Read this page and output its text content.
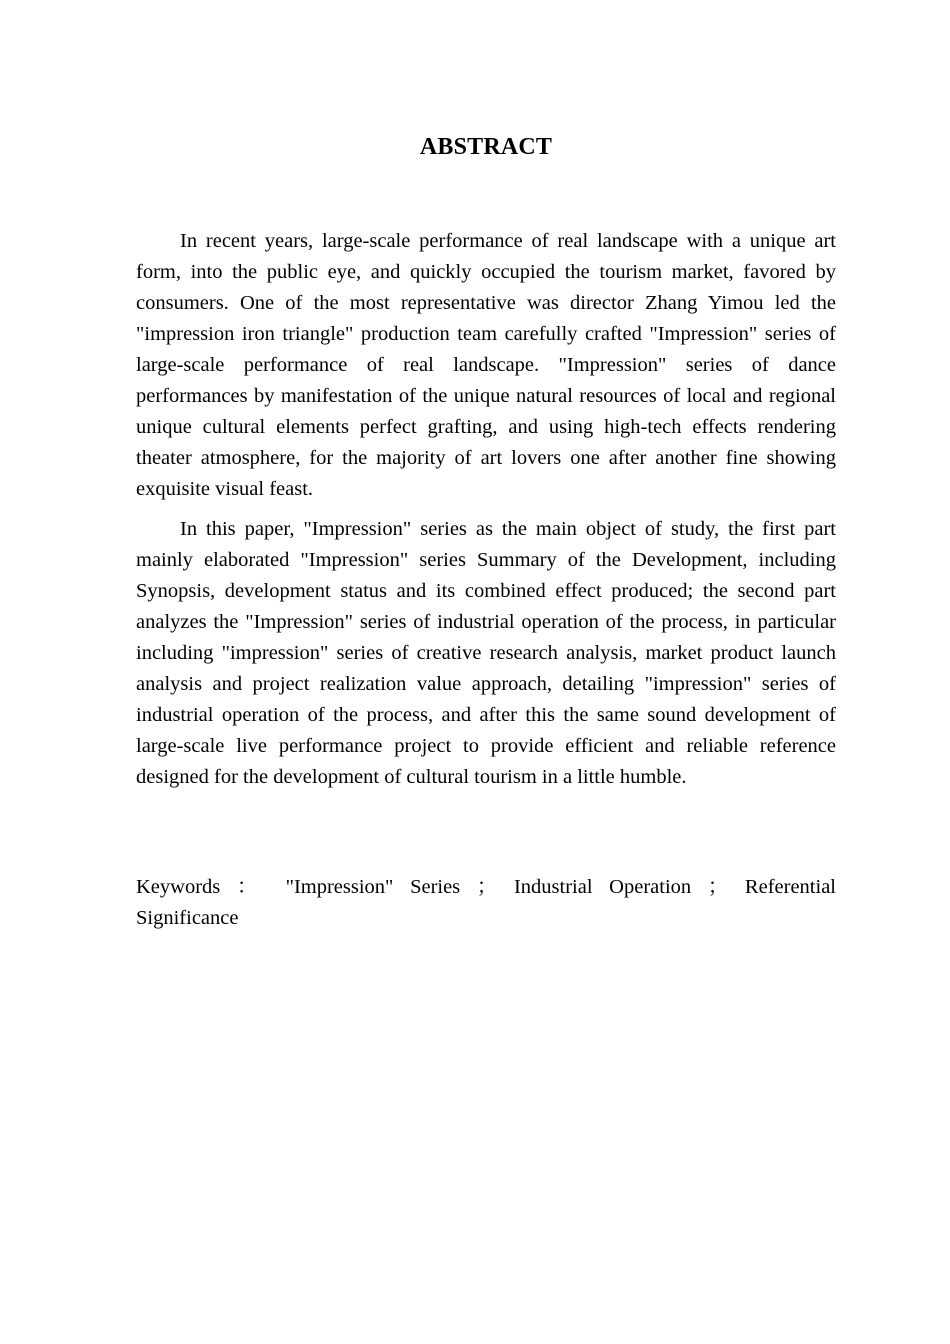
ABSTRACT

In recent years, large-scale performance of real landscape with a unique art form, into the public eye, and quickly occupied the tourism market, favored by consumers. One of the most representative was director Zhang Yimou led the "impression iron triangle" production team carefully crafted "Impression" series of large-scale performance of real landscape. "Impression" series of dance performances by manifestation of the unique natural resources of local and regional unique cultural elements perfect grafting, and using high-tech effects rendering theater atmosphere, for the majority of art lovers one after another fine showing exquisite visual feast.

In this paper, "Impression" series as the main object of study, the first part mainly elaborated "Impression" series Summary of the Development, including Synopsis, development status and its combined effect produced; the second part analyzes the "Impression" series of industrial operation of the process, in particular including "impression" series of creative research analysis, market product launch analysis and project realization value approach, detailing "impression" series of industrial operation of the process, and after this the same sound development of large-scale live performance project to provide efficient and reliable reference designed for the development of cultural tourism in a little humble.

Keywords ： "Impression" Series ； Industrial Operation ； Referential Significance
